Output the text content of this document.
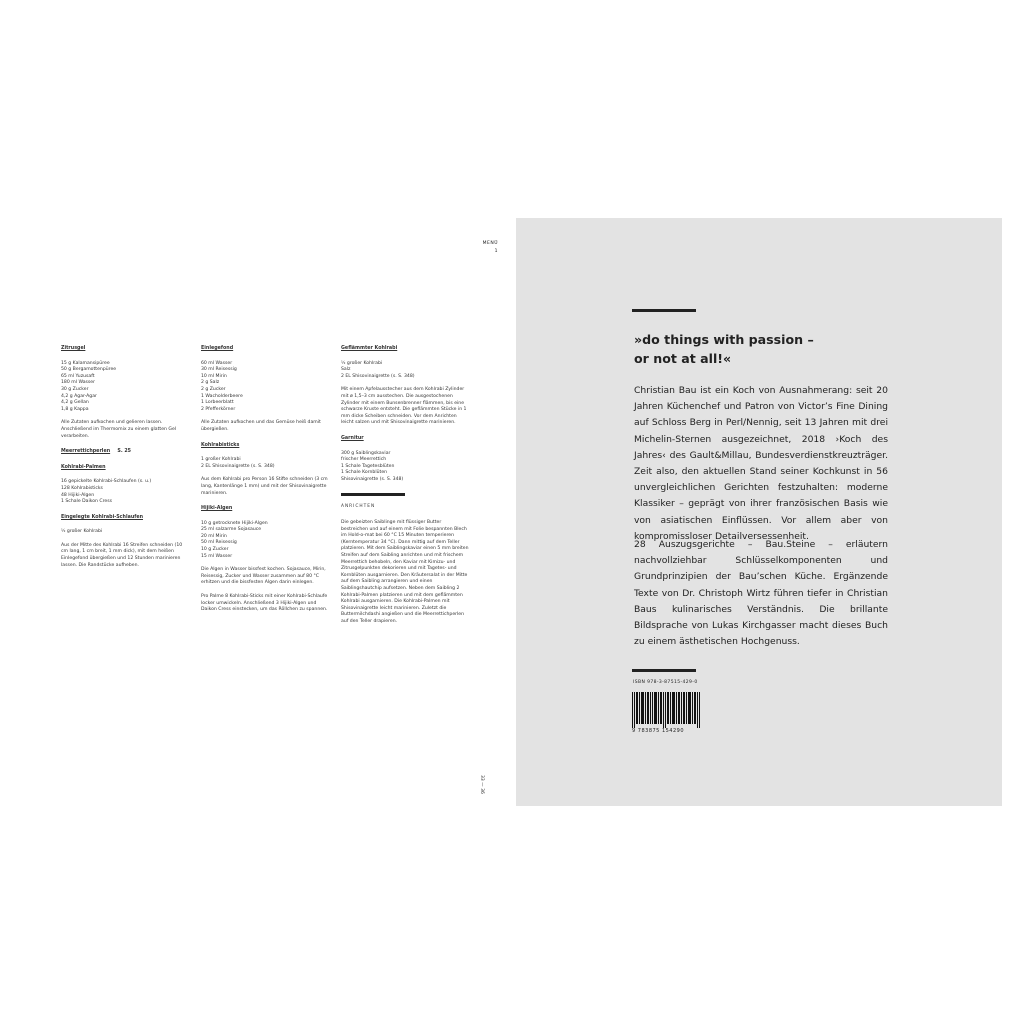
MENÜ
1
33 — 36
Zitrusgel
15 g Kalamansipüree
50 g Bergamottenpüree
65 ml Yuzusaft
180 ml Wasser
30 g Zucker
4,2 g Agar-Agar
4,2 g Gellan
1,8 g Kappa
Alle Zutaten aufkochen und gelieren lassen. Anschließend im Thermomix zu einem glatten Gel verarbeiten.
Meerrettichperlen S. 25
Kohlrabi-Palmen
16 gepickelte Kohlrabi-Schlaufen (s. u.)
128 Kohlrabisticks
48 Hijiki-Algen
1 Schale Daikon Cress
Eingelegte Kohlrabi-Schlaufen
½ großer Kohlrabi
Aus der Mitte des Kohlrabi 16 Streifen schneiden (10 cm lang, 1 cm breit, 1 mm dick), mit dem heißen Einlegefond übergießen und 12 Stunden marinieren lassen. Die Randstücke aufheben.
Einlegefond
60 ml Wasser
30 ml Reisessig
10 ml Mirin
2 g Salz
2 g Zucker
1 Wacholderbeere
1 Lorbeerblatt
2 Pfefferkörner
Alle Zutaten aufkochen und das Gemüse heiß damit übergießen.
Kohlrabisticks
1 großer Kohlrabi
2 EL Shisovinaigrette (s. S. 348)
Aus dem Kohlrabi pro Person 16 Stifte schneiden (3 cm lang, Kantenlänge 1 mm) und mit der Shisovinaigrette marinieren.
Hijiki-Algen
10 g getrocknete Hijiki-Algen
25 ml salzarme Sojasauce
20 ml Mirin
50 ml Reisessig
10 g Zucker
15 ml Wasser
Die Algen in Wasser bissfest kochen. Sojasauce, Mirin, Reisessig, Zucker und Wasser zusammen auf 80 °C erhitzen und die bissfesten Algen darin einlegen.
Pro Palme 8 Kohlrabi-Sticks mit einer Kohlrabi-Schlaufe locker umwickeln. Anschließend 3 Hijiki-Algen und Daikon Cress einstecken, um das Röllchen zu spannen.
Geflämmter Kohlrabi
½ großer Kohlrabi
Salz
2 EL Shisovinaigrette (s. S. 348)
Mit einem Apfelausstecher aus dem Kohlrabi Zylinder mit ø 1,5–3 cm ausstechen. Die ausgestochenen Zylinder mit einem Bunsenbrenner flämmen, bis eine schwarze Kruste entsteht. Die geflämmten Stücke in 1 mm dicke Scheiben schneiden. Vor dem Anrichten leicht salzen und mit Shisovinaigrette marinieren.
Garnitur
300 g Saiblingskaviar
frischer Meerrettich
1 Schale Tagetesblüten
1 Schale Kornblüten
Shisovinaigrette (s. S. 348)
ANRICHTEN
Die gebeizten Saiblinge mit flüssiger Butter bestreichen und auf einem mit Folie bespannten Blech im Hold-o-mat bei 60 °C 15 Minuten temperieren (Kerntemperatur 34 °C). Dann mittig auf dem Teller platzieren. Mit dem Saiblingskaviar einen 5 mm breiten Streifen auf dem Saibling anrichten und mit frischem Meerrettich behobeln, den Kaviar mit Kimizu- und Zitrusgelpunkten dekorieren und mit Tagetes- und Kornblüten ausgarnieren. Den Kräutersalat in der Mitte auf dem Saibling arrangieren und einen Saiblingshautchip aufsetzen. Neben dem Saibling 2 Kohlrabi-Palmen platzieren und mit dem geflämmten Kohlrabi ausgarnieren. Die Kohlrabi-Palmen mit Shisovinaigrette leicht marinieren. Zuletzt die Buttermilchdashi angießen und die Meerrettichperlen auf den Teller drapieren.
»do things with passion –
or not at all!«
Christian Bau ist ein Koch von Ausnahmerang: seit 20 Jahren Küchenchef und Patron von Victor’s Fine Dining auf Schloss Berg in Perl/Nennig, seit 13 Jahren mit drei Michelin-Sternen ausgezeichnet, 2018 ›Koch des Jahres‹ des Gault&Millau, Bundesverdienstkreuzträger. Zeit also, den aktuellen Stand seiner Kochkunst in 56 unvergleichlichen Gerichten festzuhalten: moderne Klassiker – geprägt von ihrer französischen Basis wie von asiatischen Einflüssen. Vor allem aber von kompromissloser Detailversessenheit.
28 Auszugsgerichte – Bau.Steine – erläutern nachvollziehbar Schlüsselkomponenten und Grundprinzipien der Bau’schen Küche. Ergänzende Texte von Dr. Christoph Wirtz führen tiefer in Christian Baus kulinarisches Verständnis. Die brillante Bildsprache von Lukas Kirchgasser macht dieses Buch zu einem ästhetischen Hochgenuss.
ISBN 978-3-87515-429-0
9 783875 154290
